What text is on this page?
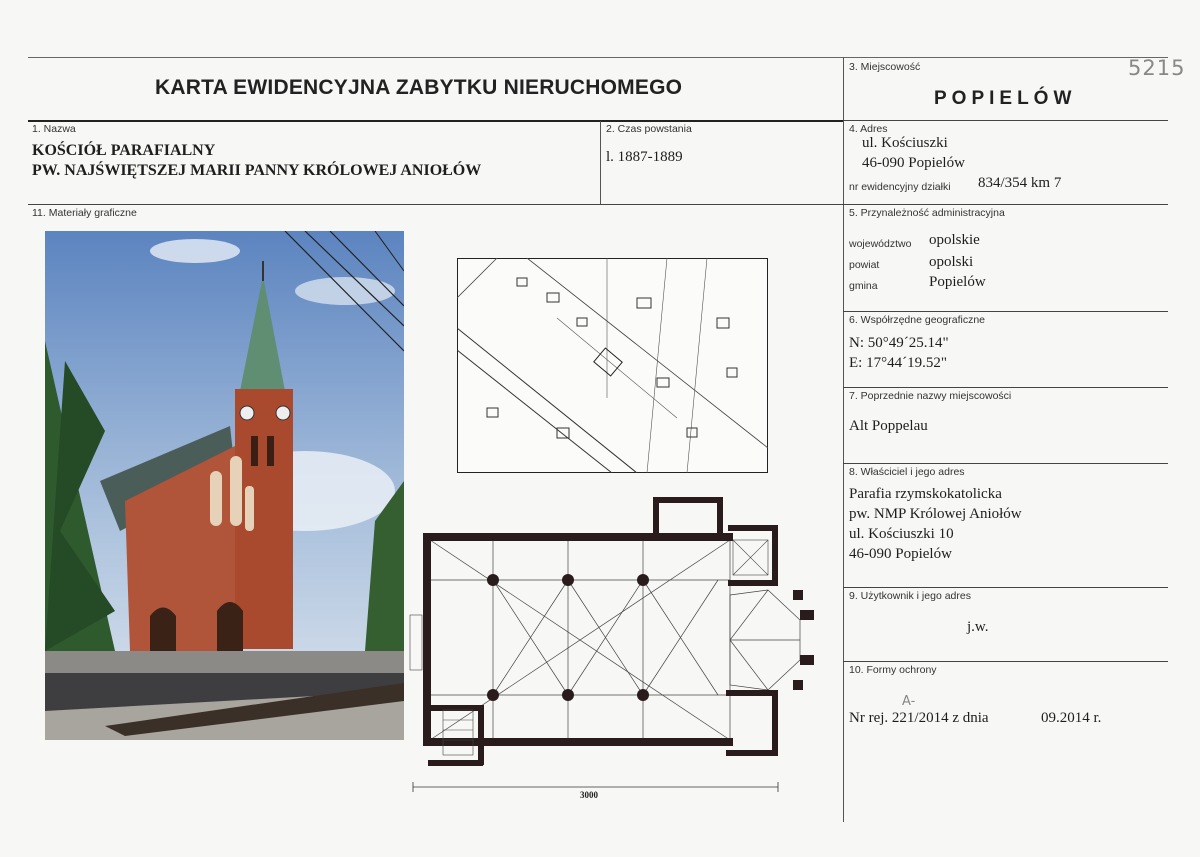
KARTA EWIDENCYJNA ZABYTKU NIERUCHOMEGO
3. Miejscowość
POPIELÓW
5215
1. Nazwa
KOŚCIÓŁ PARAFIALNY
PW. NAJŚWIĘTSZEJ MARII PANNY KRÓLOWEJ ANIOŁÓW
2. Czas powstania
l. 1887-1889
4. Adres
ul. Kościuszki
46-090 Popielów
nr ewidencyjny działki 834/354 km 7
5. Przynależność administracyjna
województwo opolskie
powiat	opolski
gmina	Popielów
6. Współrzędne geograficzne
N: 50°49´25.14"
E: 17°44´19.52"
7. Poprzednie nazwy miejscowości
Alt Poppelau
8. Właściciel i jego adres
Parafia rzymskokatolicka
pw. NMP Królowej Aniołów
ul. Kościuszki 10
46-090 Popielów
9. Użytkownik i jego adres
j.w.
10. Formy ochrony
A-
Nr rej. 221/2014 z dnia	09.2014 r.
11. Materiały graficzne
3000
